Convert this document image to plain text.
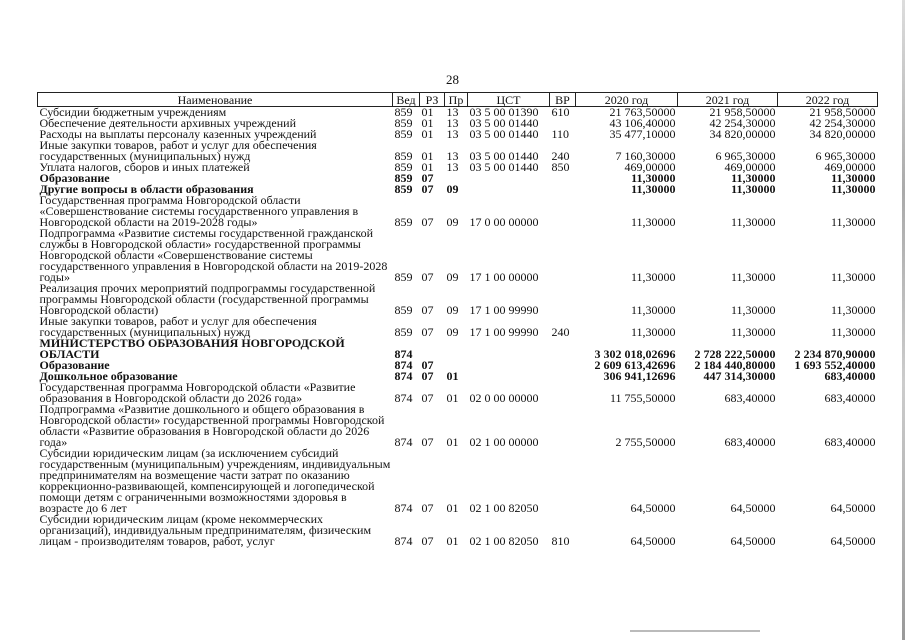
28
Наименование	Вед	РЗ	Пр	ЦСТ	ВР	2020 год	2021 год	2022 год
Субсидии бюджетным учреждениям	859	01	13	03 5 00 01390	610	21 763,50000	21 958,50000	21 958,50000
Обеспечение деятельности архивных учреждений	859	01	13	03 5 00 01440		43 106,40000	42 254,30000	42 254,30000
Расходы на выплаты персоналу казенных учреждений	859	01	13	03 5 00 01440	110	35 477,10000	34 820,00000	34 820,00000
Иные закупки товаров, работ и услуг для обеспечения государственных (муниципальных) нужд	859	01	13	03 5 00 01440	240	7 160,30000	6 965,30000	6 965,30000
Уплата налогов, сборов и иных платежей	859	01	13	03 5 00 01440	850	469,00000	469,00000	469,00000
Образование	859	07				11,30000	11,30000	11,30000
Другие вопросы в области образования	859	07	09			11,30000	11,30000	11,30000
Государственная программа Новгородской области «Совершенствование системы государственного управления в Новгородской области на 2019-2028 годы»	859	07	09	17 0 00 00000		11,30000	11,30000	11,30000
Подпрограмма «Развитие системы государственной гражданской службы в Новгородской области» государственной программы Новгородской области «Совершенствование системы государственного управления в Новгородской области на 2019-2028 годы»	859	07	09	17 1 00 00000		11,30000	11,30000	11,30000
Реализация прочих мероприятий подпрограммы государственной программы Новгородской области (государственной программы Новгородской области)	859	07	09	17 1 00 99990		11,30000	11,30000	11,30000
Иные закупки товаров, работ и услуг для обеспечения государственных (муниципальных) нужд	859	07	09	17 1 00 99990	240	11,30000	11,30000	11,30000
МИНИСТЕРСТВО ОБРАЗОВАНИЯ НОВГОРОДСКОЙ ОБЛАСТИ	874					3 302 018,02696	2 728 222,50000	2 234 870,90000
Образование	874	07				2 609 613,42696	2 184 440,80000	1 693 552,40000
Дошкольное образование	874	07	01			306 941,12696	447 314,30000	683,40000
Государственная программа Новгородской области «Развитие образования в Новгородской области до 2026 года»	874	07	01	02 0 00 00000		11 755,50000	683,40000	683,40000
Подпрограмма «Развитие дошкольного и общего образования в Новгородской области» государственной программы Новгородской области «Развитие образования в Новгородской области до 2026 года»	874	07	01	02 1 00 00000		2 755,50000	683,40000	683,40000
Субсидии юридическим лицам (за исключением субсидий государственным (муниципальным) учреждениям, индивидуальным предпринимателям на возмещение части затрат по оказанию коррекционно-развивающей, компенсирующей и логопедической помощи детям с ограниченными возможностями здоровья в возрасте до 6 лет	874	07	01	02 1 00 82050		64,50000	64,50000	64,50000
Субсидии юридическим лицам (кроме некоммерческих организаций), индивидуальным предпринимателям, физическим лицам - производителям товаров, работ, услуг	874	07	01	02 1 00 82050	810	64,50000	64,50000	64,50000
